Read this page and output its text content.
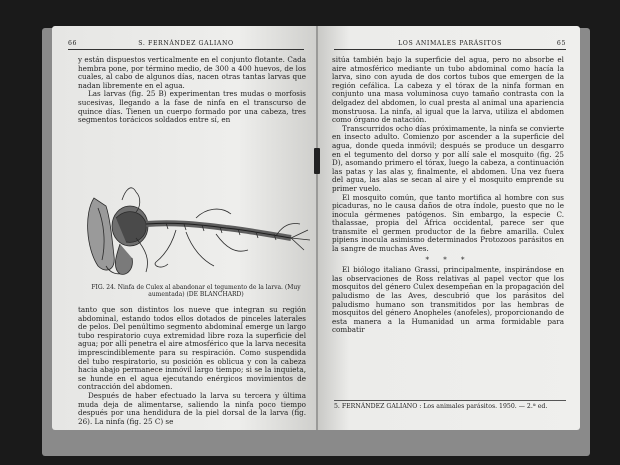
66	S. FERNÁNDEZ GALIANO

y están dispuestos verticalmente en el conjunto flotante. Cada hembra pone, por término medio, de 300 a 400 huevos, de los cuales, al cabo de algunos días, nacen otras tantas larvas que nadan libremente en el agua.

Las larvas (fig. 25 B) experimentan tres mudas o morfosis sucesivas, llegando a la fase de ninfa en el transcurso de quince días. Tienen un cuerpo formado por una cabeza, tres segmentos torácicos soldados entre sí, en

FIG. 24. Ninfa de Culex al abandonar el tegumento de la larva. (Muy aumentada) (DE BLANCHARD)

tanto que son distintos los nueve que integran su región abdominal, estando todos ellos dotados de pinceles laterales de pelos. Del penúltimo segmento abdominal emerge un largo tubo respiratorio cuya extremidad libre roza la superficie del agua; por allí penetra el aire atmosférico que la larva necesita imprescindiblemente para su respiración. Como suspendida del tubo respiratorio, su posición es oblicua y con la cabeza hacia abajo permanece inmóvil largo tiempo; si se la inquieta, se hunde en el agua ejecutando enérgicos movimientos de contracción del abdomen.

Después de haber efectuado la larva su tercera y última muda deja de alimentarse, saliendo la ninfa poco tiempo después por una hendidura de la piel dorsal de la larva (fig. 26). La ninfa (fig. 25 C) se

LOS ANIMALES PARÁSITOS	65

sitúa también bajo la superficie del agua, pero no absorbe el aire atmosférico mediante un tubo abdominal como hacía la larva, sino con ayuda de dos cortos tubos que emergen de la región cefálica. La cabeza y el tórax de la ninfa forman en conjunto una masa voluminosa cuyo tamaño contrasta con la delgadez del abdomen, lo cual presta al animal una apariencia monstruosa. La ninfa, al igual que la larva, utiliza el abdomen como órgano de natación.

Transcurridos ocho días próximamente, la ninfa se convierte en insecto adulto. Comienzo por ascender a la superficie del agua, donde queda inmóvil; después se produce un desgarro en el tegumento del dorso y por allí sale el mosquito (fig. 25 D), asomando primero el tórax, luego la cabeza, a continuación las patas y las alas y, finalmente, el abdomen. Una vez fuera del agua, las alas se secan al aire y el mosquito emprende su primer vuelo.

El mosquito común, que tanto mortifica al hombre con sus picaduras, no le causa daños de otra índole, puesto que no le inocula gérmenes patógenos. Sin embargo, la especie C. thalassae, propia del África occidental, parece ser que transmite el germen productor de la fiebre amarilla. Culex pipiens inocula asimismo determinados Protozoos parásitos en la sangre de muchas Aves.

* * *

El biólogo italiano Grassi, principalmente, inspirándose en las observaciones de Ross relativas al papel vector que los mosquitos del género Culex desempeñan en la propagación del paludismo de las Aves, descubrió que los parásitos del paludismo humano son transmitidos por las hembras de mosquitos del género Anopheles (anofeles), proporcionando de esta manera a la Humanidad un arma formidable para combatir

5. FERNÁNDEZ GALIANO : Los animales parásitos. 1950. — 2.ª ed.
